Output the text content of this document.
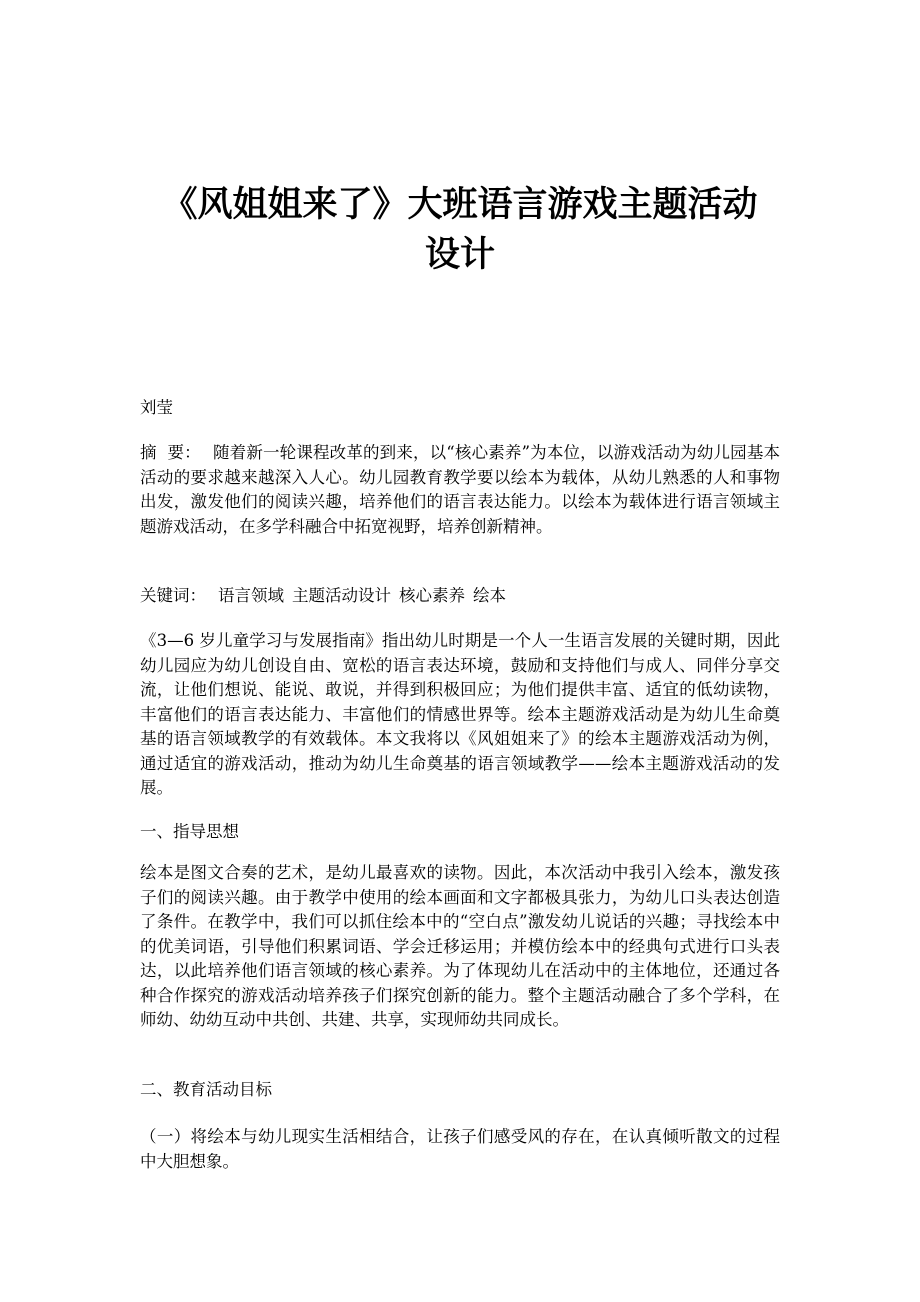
《风姐姐来了》大班语言游戏主题活动
设计

刘莹

摘  要： 随着新一轮课程改革的到来，以“核心素养”为本位，以游戏活动为幼儿园基本活动的要求越来越深入人心。幼儿园教育教学要以绘本为载体，从幼儿熟悉的人和事物出发，激发他们的阅读兴趣，培养他们的语言表达能力。以绘本为载体进行语言领域主题游戏活动，在多学科融合中拓宽视野，培养创新精神。

关键词： 语言领域 主题活动设计 核心素养 绘本

《3—6 岁儿童学习与发展指南》指出幼儿时期是一个人一生语言发展的关键时期，因此幼儿园应为幼儿创设自由、宽松的语言表达环境，鼓励和支持他们与成人、同伴分享交流，让他们想说、能说、敢说，并得到积极回应；为他们提供丰富、适宜的低幼读物，丰富他们的语言表达能力、丰富他们的情感世界等。绘本主题游戏活动是为幼儿生命奠基的语言领域教学的有效载体。本文我将以《风姐姐来了》的绘本主题游戏活动为例，通过适宜的游戏活动，推动为幼儿生命奠基的语言领域教学——绘本主题游戏活动的发展。

一、指导思想

绘本是图文合奏的艺术，是幼儿最喜欢的读物。因此，本次活动中我引入绘本，激发孩子们的阅读兴趣。由于教学中使用的绘本画面和文字都极具张力，为幼儿口头表达创造了条件。在教学中，我们可以抓住绘本中的“空白点”激发幼儿说话的兴趣；寻找绘本中的优美词语，引导他们积累词语、学会迁移运用；并模仿绘本中的经典句式进行口头表达，以此培养他们语言领域的核心素养。为了体现幼儿在活动中的主体地位，还通过各种合作探究的游戏活动培养孩子们探究创新的能力。整个主题活动融合了多个学科，在师幼、幼幼互动中共创、共建、共享，实现师幼共同成长。

二、教育活动目标

（一）将绘本与幼儿现实生活相结合，让孩子们感受风的存在，在认真倾听散文的过程中大胆想象。
